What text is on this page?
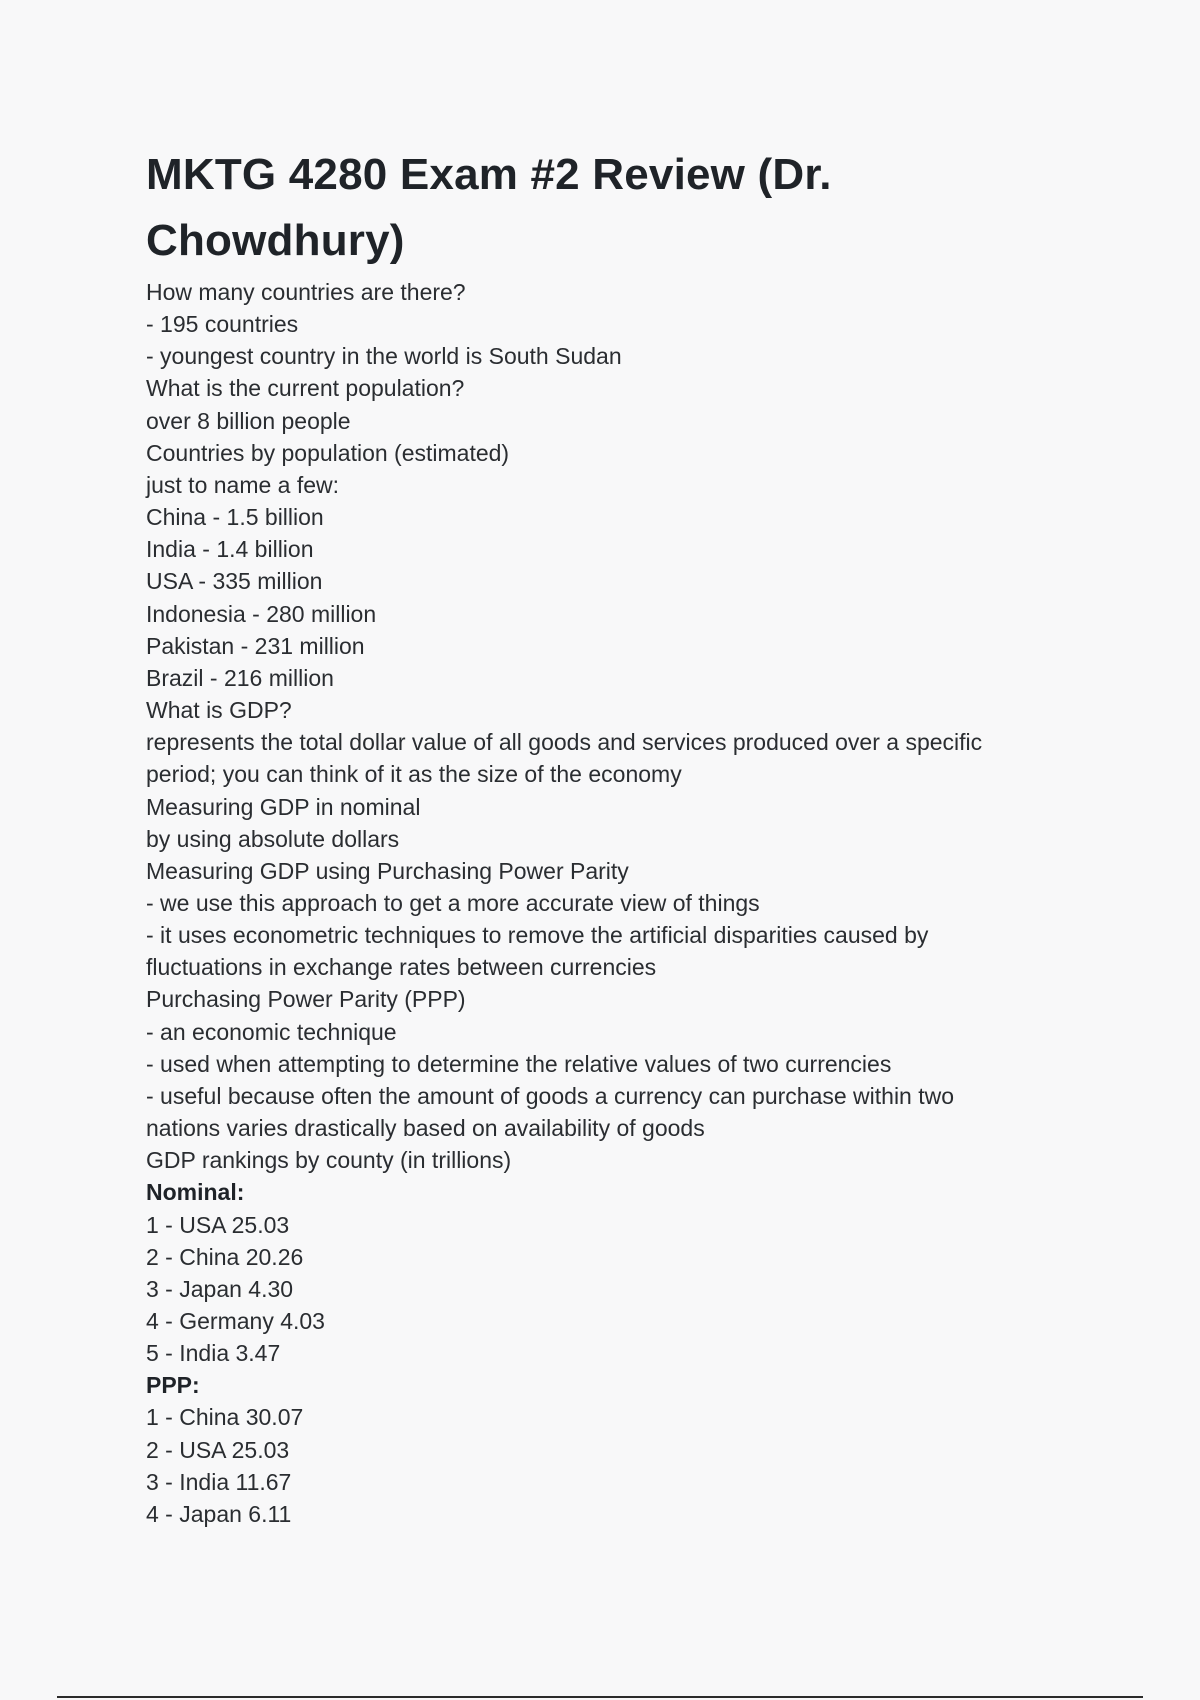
MKTG 4280 Exam #2 Review (Dr.
Chowdhury)
How many countries are there?
- 195 countries
- youngest country in the world is South Sudan
What is the current population?
over 8 billion people
Countries by population (estimated)
just to name a few:
China - 1.5 billion
India - 1.4 billion
USA - 335 million
Indonesia - 280 million
Pakistan - 231 million
Brazil - 216 million
What is GDP?
represents the total dollar value of all goods and services produced over a specific
period; you can think of it as the size of the economy
Measuring GDP in nominal
by using absolute dollars
Measuring GDP using Purchasing Power Parity
- we use this approach to get a more accurate view of things
- it uses econometric techniques to remove the artificial disparities caused by
fluctuations in exchange rates between currencies
Purchasing Power Parity (PPP)
- an economic technique
- used when attempting to determine the relative values of two currencies
- useful because often the amount of goods a currency can purchase within two
nations varies drastically based on availability of goods
GDP rankings by county (in trillions)
Nominal:
1 - USA 25.03
2 - China 20.26
3 - Japan 4.30
4 - Germany 4.03
5 - India 3.47
PPP:
1 - China 30.07
2 - USA 25.03
3 - India 11.67
4 - Japan 6.11
